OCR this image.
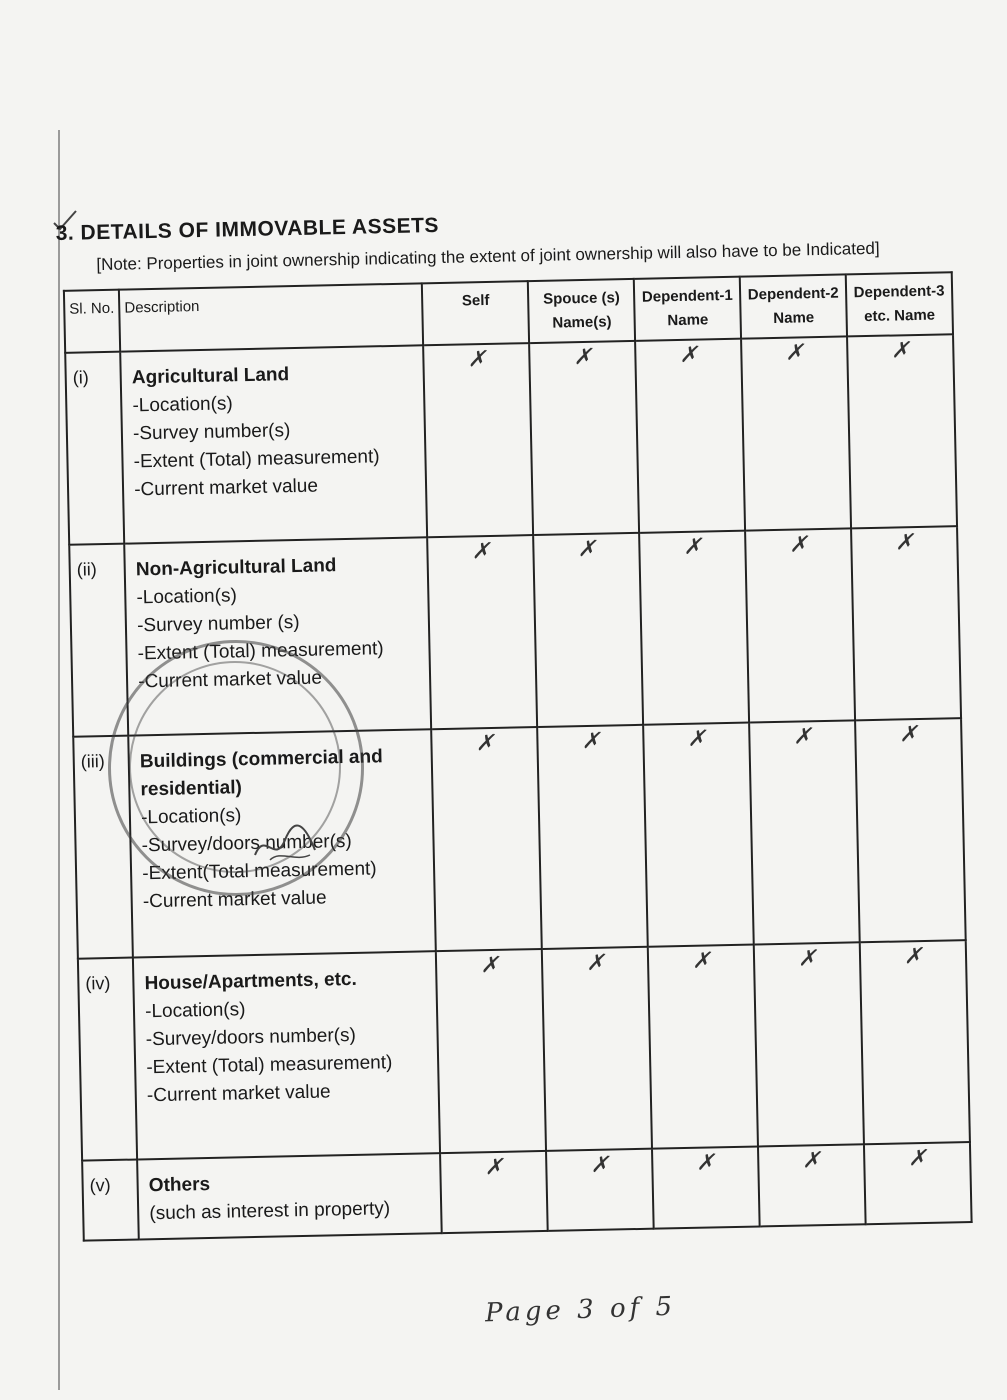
3. DETAILS OF IMMOVABLE ASSETS
[Note: Properties in joint ownership indicating the extent of joint ownership will also have to be Indicated]
Sl. No.	Description	Self	Spouce (s) Name(s)	Dependent-1 Name	Dependent-2 Name	Dependent-3 etc. Name
(i)	Agricultural Land
-Location(s)
-Survey number(s)
-Extent (Total) measurement)
-Current market value	✗	✗	✗	✗	✗
(ii)	Non-Agricultural Land
-Location(s)
-Survey number (s)
-Extent (Total) measurement)
-Current market value	✗	✗	✗	✗	✗
(iii)	Buildings (commercial and residential)
-Location(s)
-Survey/doors number(s)
-Extent(Total measurement)
-Current market value	✗	✗	✗	✗	✗
(iv)	House/Apartments, etc.
-Location(s)
-Survey/doors number(s)
-Extent (Total) measurement)
-Current market value	✗	✗	✗	✗	✗
(v)	Others
(such as interest in property)	✗	✗	✗	✗	✗
Page 3 of 5
